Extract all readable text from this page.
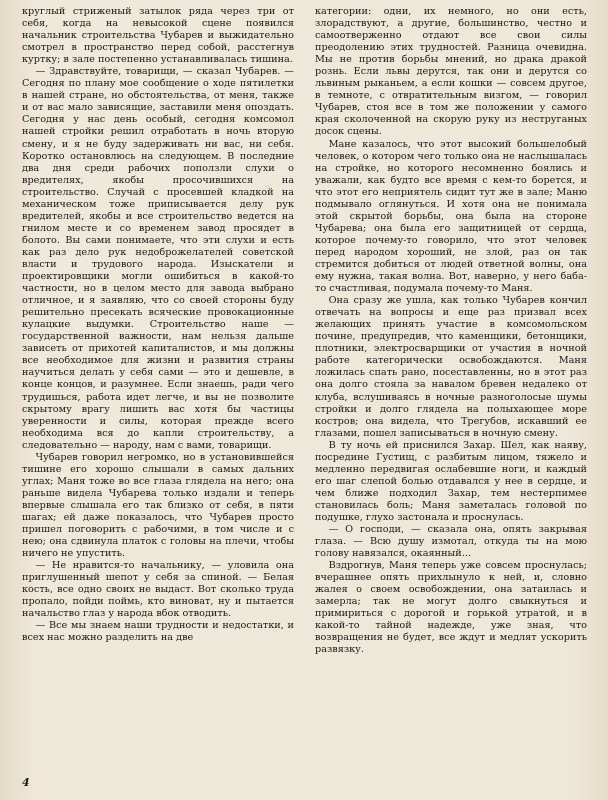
круглый стриженый затылок ряда через три от себя, когда на невысокой сцене появился начальник строительства Чубарев и выжидательно смотрел в пространство перед собой, расстегнув куртку; в зале постепенно устанавливалась тишина.

— Здравствуйте, товарищи, — сказал Чубарев. — Сегодня по плану мое сообщение о ходе пятилетки в нашей стране, но обстоятельства, от меня, также и от вас мало зависящие, заставили меня опоздать. Сегодня у нас день особый, сегодня комсомол нашей стройки решил отработать в ночь вторую смену, и я не буду задерживать ни вас, ни себя. Коротко остановлюсь на следующем. В последние два дня среди рабочих поползли слухи о вредителях, якобы просочившихся на строительство. Случай с просевшей кладкой на механическом тоже приписывается делу рук вредителей, якобы и все строительство ведется на гнилом месте и со временем завод просядет в болото. Вы сами понимаете, что эти слухи и есть как раз дело рук недоброжелателей советской власти и трудового народа. Изыскатели и проектировщики могли ошибиться в какой-то частности, но в целом место для завода выбрано отличное, и я заявляю, что со своей стороны буду решительно пресекать всяческие провокационные кулацкие выдумки. Строительство наше — государственной важности, нам нельзя дальше зависеть от прихотей капиталистов, и мы должны все необходимое для жизни и развития страны научиться делать у себя сами — это и дешевле, в конце концов, и разумнее. Если знаешь, ради чего трудишься, работа идет легче, и вы не позволите скрытому врагу лишить вас хотя бы частицы уверенности и силы, которая прежде всего необходима вся до капли строительству, а следовательно — народу, нам с вами, товарищи.

Чубарев говорил негромко, но в установившейся тишине его хорошо слышали в самых дальних углах; Маня тоже во все глаза глядела на него; она раньше видела Чубарева только издали и теперь впервые слышала его так близко от себя, в пяти шагах; ей даже показалось, что Чубарев просто пришел поговорить с рабочими, в том числе и с нею; она сдвинула платок с головы на плечи, чтобы ничего не упустить.

— Не нравится-то начальнику, — уловила она приглушенный шепот у себя за спиной. — Белая кость, все одно своих не выдаст. Вот сколько труда пропало, пойди поймь, кто виноват, ну и пытается начальство глаз у народа вбок отводить.

— Все мы знаем наши трудности и недостатки, и всех нас можно разделить на две

категории: одни, их немного, но они есть, злорадствуют, а другие, большинство, честно и самоотверженно отдают все свои силы преодолению этих трудностей. Разница очевидна. Мы не против борьбы мнений, но драка дракой рознь. Если львы дерутся, так они и дерутся со львиным рыканьем, а если кошки — совсем другое, в темноте, с отвратительным визгом, — говорил Чубарев, стоя все в том же положении у самого края сколоченной на скорую руку из неструганых досок сцены.

Мане казалось, что этот высокий большелобый человек, о котором чего только она не наслышалась на стройке, но которого несомненно боялись и уважали, как будто все время с кем-то борется, и что этот его неприятель сидит тут же в зале; Маню подмывало оглянуться. И хотя она не понимала этой скрытой борьбы, она была на стороне Чубарева; она была его защитницей от сердца, которое почему-то говорило, что этот человек перед народом хороший, не злой, раз он так стремится добиться от людей ответной волны, она ему нужна, такая волна. Вот, наверно, у него баба-то счастливая, подумала почему-то Маня.

Она сразу же ушла, как только Чубарев кончил отвечать на вопросы и еще раз призвал всех желающих принять участие в комсомольском почине, предупредив, что каменщики, бетонщики, плотники, электросварщики от участия в ночной работе категорически освобождаются. Маня ложилась спать рано, посеставленны, но в этот раз она долго стояла за навалом бревен недалеко от клуба, вслушиваясь в ночные разноголосые шумы стройки и долго глядела на полыхающее море костров; она видела, что Трегубов, искавший ее глазами, пошел записываться в ночную смену.

В ту ночь ей приснился Захар. Шел, как наяву, посредине Густищ, с разбитым лицом, тяжело и медленно передвигая ослабевшие ноги, и каждый его шаг слепой болью отдавался у нее в сердце, и чем ближе подходил Захар, тем нестерпимее становилась боль; Маня заметалась головой по подушке, глухо застонала и проснулась.

— О господи, — сказала она, опять закрывая глаза. — Всю душу измотал, откуда ты на мою голову навязался, окаянный...

Вздрогнув, Маня теперь уже совсем проснулась; вчерашнее опять прихлынуло к ней, и, словно жалея о своем освобождении, она затаилась и замерла; так не могут долго свыкнуться и примириться с дорогой и горькой утратой, и в какой-то тайной надежде, уже зная, что возвращения не будет, все ждут и медлят ускорить развязку.

4
